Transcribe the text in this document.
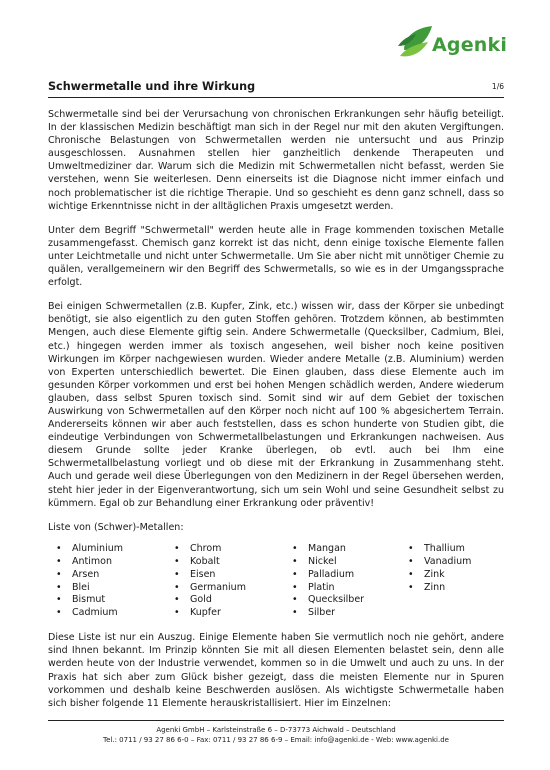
Agenki
Schwermetalle und ihre Wirkung	1/6

Schwermetalle sind bei der Verursachung von chronischen Erkrankungen sehr häufig beteiligt. In der klassischen Medizin beschäftigt man sich in der Regel nur mit den akuten Vergiftungen. Chronische Belastungen von Schwermetallen werden nie untersucht und aus Prinzip ausgeschlossen. Ausnahmen stellen hier ganzheitlich denkende Therapeuten und Umweltmediziner dar. Warum sich die Medizin mit Schwermetallen nicht befasst, werden Sie verstehen, wenn Sie weiterlesen. Denn einerseits ist die Diagnose nicht immer einfach und noch problematischer ist die richtige Therapie. Und so geschieht es denn ganz schnell, dass so wichtige Erkenntnisse nicht in der alltäglichen Praxis umgesetzt werden.

Unter dem Begriff "Schwermetall" werden heute alle in Frage kommenden toxischen Metalle zusammengefasst. Chemisch ganz korrekt ist das nicht, denn einige toxische Elemente fallen unter Leichtmetalle und nicht unter Schwermetalle. Um Sie aber nicht mit unnötiger Chemie zu quälen, verallgemeinern wir den Begriff des Schwermetalls, so wie es in der Umgangssprache erfolgt.

Bei einigen Schwermetallen (z.B. Kupfer, Zink, etc.) wissen wir, dass der Körper sie unbedingt benötigt, sie also eigentlich zu den guten Stoffen gehören. Trotzdem können, ab bestimmten Mengen, auch diese Elemente giftig sein. Andere Schwermetalle (Quecksilber, Cadmium, Blei, etc.) hingegen werden immer als toxisch angesehen, weil bisher noch keine positiven Wirkungen im Körper nachgewiesen wurden. Wieder andere Metalle (z.B. Aluminium) werden von Experten unterschiedlich bewertet. Die Einen glauben, dass diese Elemente auch im gesunden Körper vorkommen und erst bei hohen Mengen schädlich werden, Andere wiederum glauben, dass selbst Spuren toxisch sind. Somit sind wir auf dem Gebiet der toxischen Auswirkung von Schwermetallen auf den Körper noch nicht auf 100 % abgesichertem Terrain. Andererseits können wir aber auch feststellen, dass es schon hunderte von Studien gibt, die eindeutige Verbindungen von Schwermetallbelastungen und Erkrankungen nachweisen. Aus diesem Grunde sollte jeder Kranke überlegen, ob evtl. auch bei Ihm eine Schwermetallbelastung vorliegt und ob diese mit der Erkrankung in Zusammenhang steht. Auch und gerade weil diese Überlegungen von den Medizinern in der Regel übersehen werden, steht hier jeder in der Eigenverantwortung, sich um sein Wohl und seine Gesundheit selbst zu kümmern. Egal ob zur Behandlung einer Erkrankung oder präventiv!

Liste von (Schwer)-Metallen:

• Aluminium
• Antimon
• Arsen
• Blei
• Bismut
• Cadmium
• Chrom
• Kobalt
• Eisen
• Germanium
• Gold
• Kupfer
• Mangan
• Nickel
• Palladium
• Platin
• Quecksilber
• Silber
• Thallium
• Vanadium
• Zink
• Zinn

Diese Liste ist nur ein Auszug. Einige Elemente haben Sie vermutlich noch nie gehört, andere sind Ihnen bekannt. Im Prinzip könnten Sie mit all diesen Elementen belastet sein, denn alle werden heute von der Industrie verwendet, kommen so in die Umwelt und auch zu uns. In der Praxis hat sich aber zum Glück bisher gezeigt, dass die meisten Elemente nur in Spuren vorkommen und deshalb keine Beschwerden auslösen. Als wichtigste Schwermetalle haben sich bisher folgende 11 Elemente herauskristallisiert. Hier im Einzelnen:

Agenki GmbH – Karlsteinstraße 6 – D-73773 Aichwald – Deutschland
Tel.: 0711 / 93 27 86 6-0 – Fax: 0711 / 93 27 86 6-9 – Email: info@agenki.de - Web: www.agenki.de
